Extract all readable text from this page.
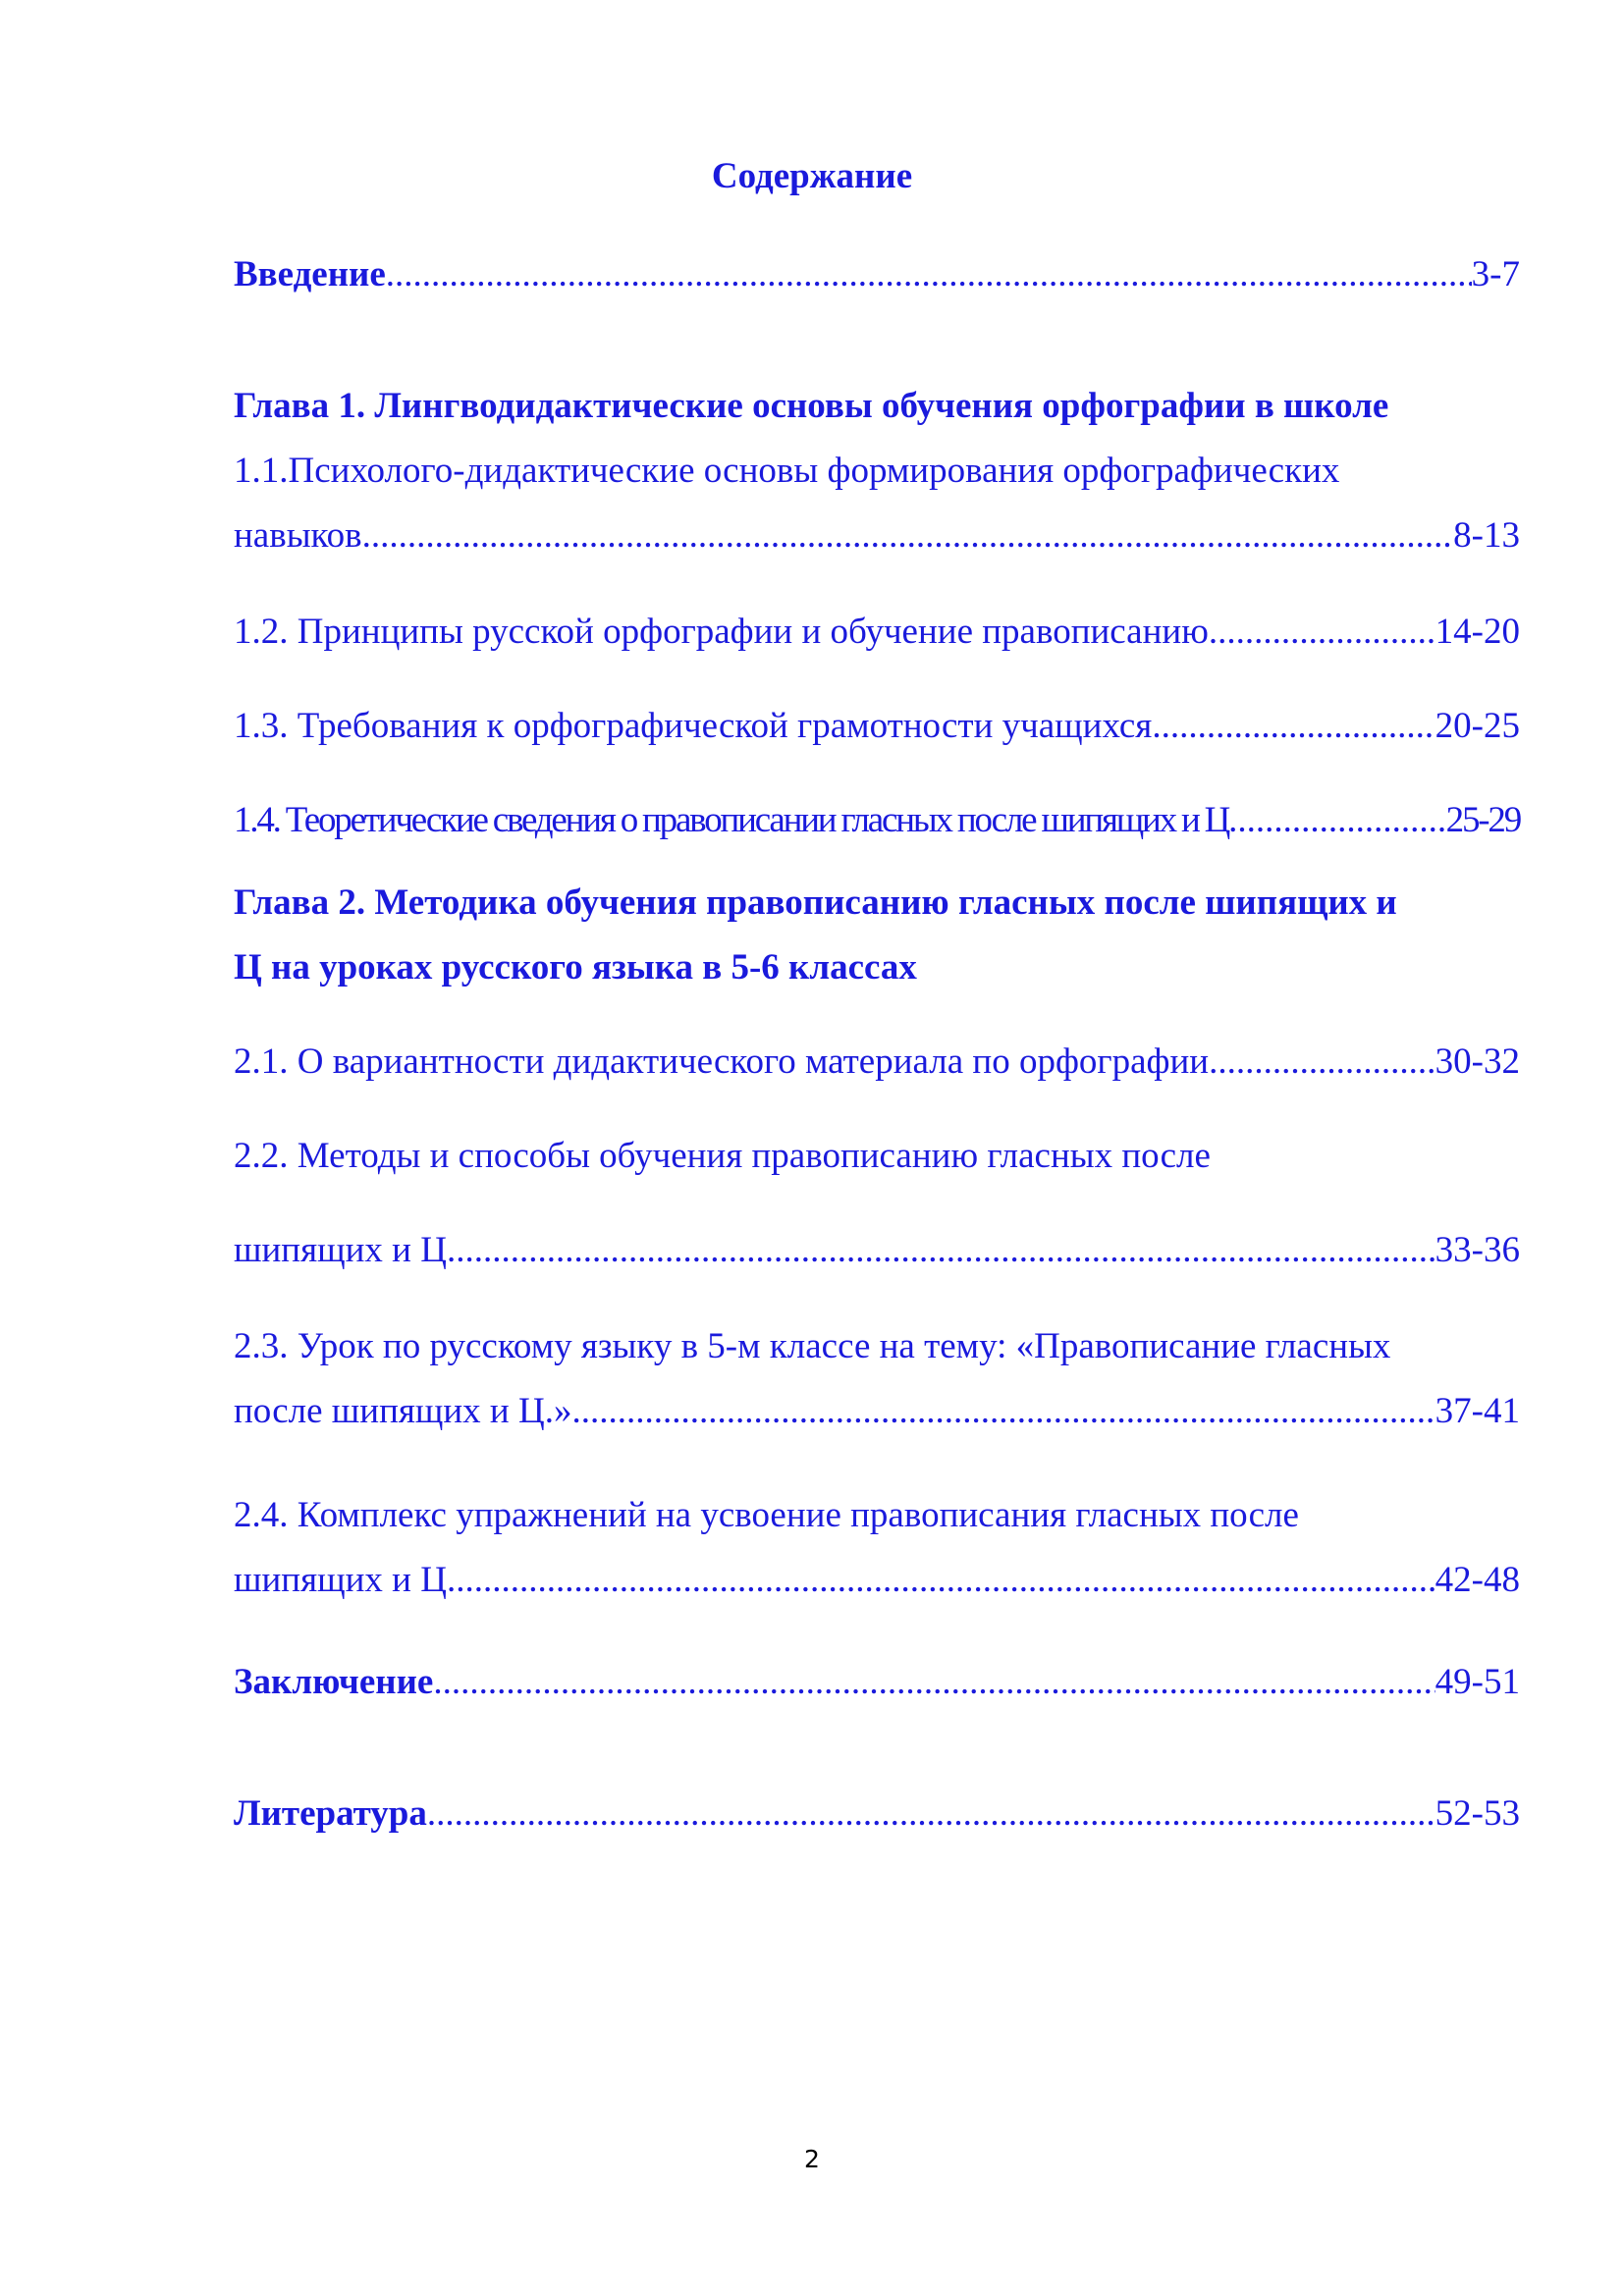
Содержание
Введение .....	3-7
Глава 1. Лингводидактические основы обучения орфографии в школе
1.1.Психолого-дидактические основы формирования орфографических
навыков .....	8-13
1.2. Принципы русской орфографии и обучение правописанию .....	14-20
1.3. Требования к орфографической грамотности учащихся .....	20-25
1.4. Теоретические сведения о правописании гласных после шипящих и Ц .....	25-29
Глава 2. Методика обучения правописанию гласных после шипящих и
Ц на уроках русского языка в 5-6 классах
2.1. О вариантности дидактического материала по орфографии .....	30-32
2.2. Методы и способы обучения правописанию гласных после
шипящих и Ц .....	33-36
2.3. Урок по русскому языку в 5-м классе на тему: «Правописание гласных
после шипящих и Ц.» .....	37-41
2.4. Комплекс упражнений на усвоение правописания гласных после
шипящих и Ц .....	42-48
Заключение .....	49-51
Литература .....	52-53
2
